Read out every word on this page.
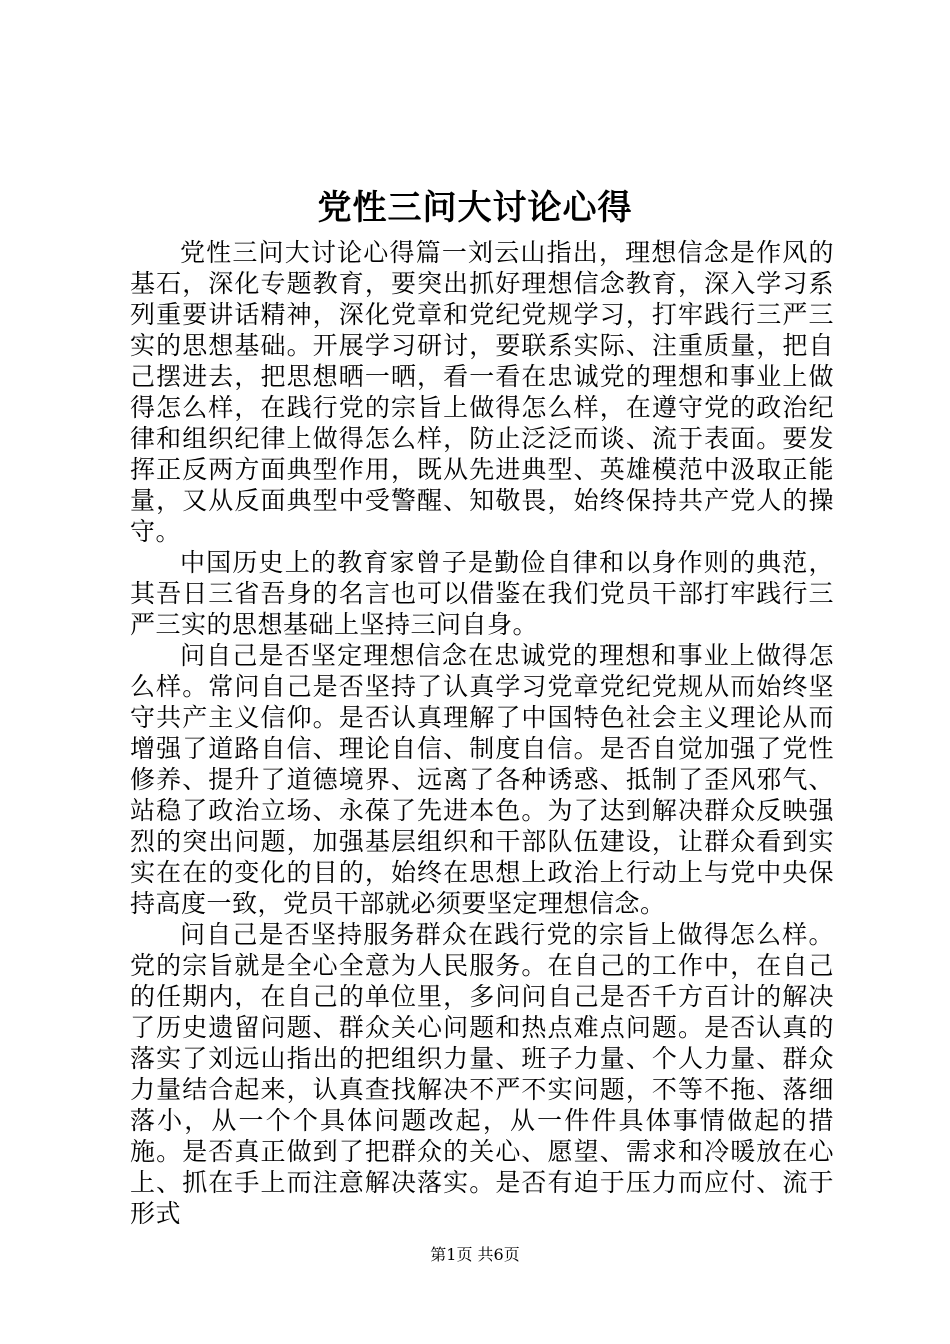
党性三问大讨论心得

党性三问大讨论心得篇一刘云山指出，理想信念是作风的基石，深化专题教育，要突出抓好理想信念教育，深入学习系列重要讲话精神，深化党章和党纪党规学习，打牢践行三严三实的思想基础。开展学习研讨，要联系实际、注重质量，把自己摆进去，把思想晒一晒，看一看在忠诚党的理想和事业上做得怎么样，在践行党的宗旨上做得怎么样，在遵守党的政治纪律和组织纪律上做得怎么样，防止泛泛而谈、流于表面。要发挥正反两方面典型作用，既从先进典型、英雄模范中汲取正能量，又从反面典型中受警醒、知敬畏，始终保持共产党人的操守。

中国历史上的教育家曾子是勤俭自律和以身作则的典范，其吾日三省吾身的名言也可以借鉴在我们党员干部打牢践行三严三实的思想基础上坚持三问自身。

问自己是否坚定理想信念在忠诚党的理想和事业上做得怎么样。常问自己是否坚持了认真学习党章党纪党规从而始终坚守共产主义信仰。是否认真理解了中国特色社会主义理论从而增强了道路自信、理论自信、制度自信。是否自觉加强了党性修养、提升了道德境界、远离了各种诱惑、抵制了歪风邪气、站稳了政治立场、永葆了先进本色。为了达到解决群众反映强烈的突出问题，加强基层组织和干部队伍建设，让群众看到实实在在的变化的目的，始终在思想上政治上行动上与党中央保持高度一致，党员干部就必须要坚定理想信念。

问自己是否坚持服务群众在践行党的宗旨上做得怎么样。党的宗旨就是全心全意为人民服务。在自己的工作中，在自己的任期内，在自己的单位里，多问问自己是否千方百计的解决了历史遗留问题、群众关心问题和热点难点问题。是否认真的落实了刘远山指出的把组织力量、班子力量、个人力量、群众力量结合起来，认真查找解决不严不实问题，不等不拖、落细落小，从一个个具体问题改起，从一件件具体事情做起的措施。是否真正做到了把群众的关心、愿望、需求和冷暖放在心上、抓在手上而注意解决落实。是否有迫于压力而应付、流于形式

第1页 共6页
